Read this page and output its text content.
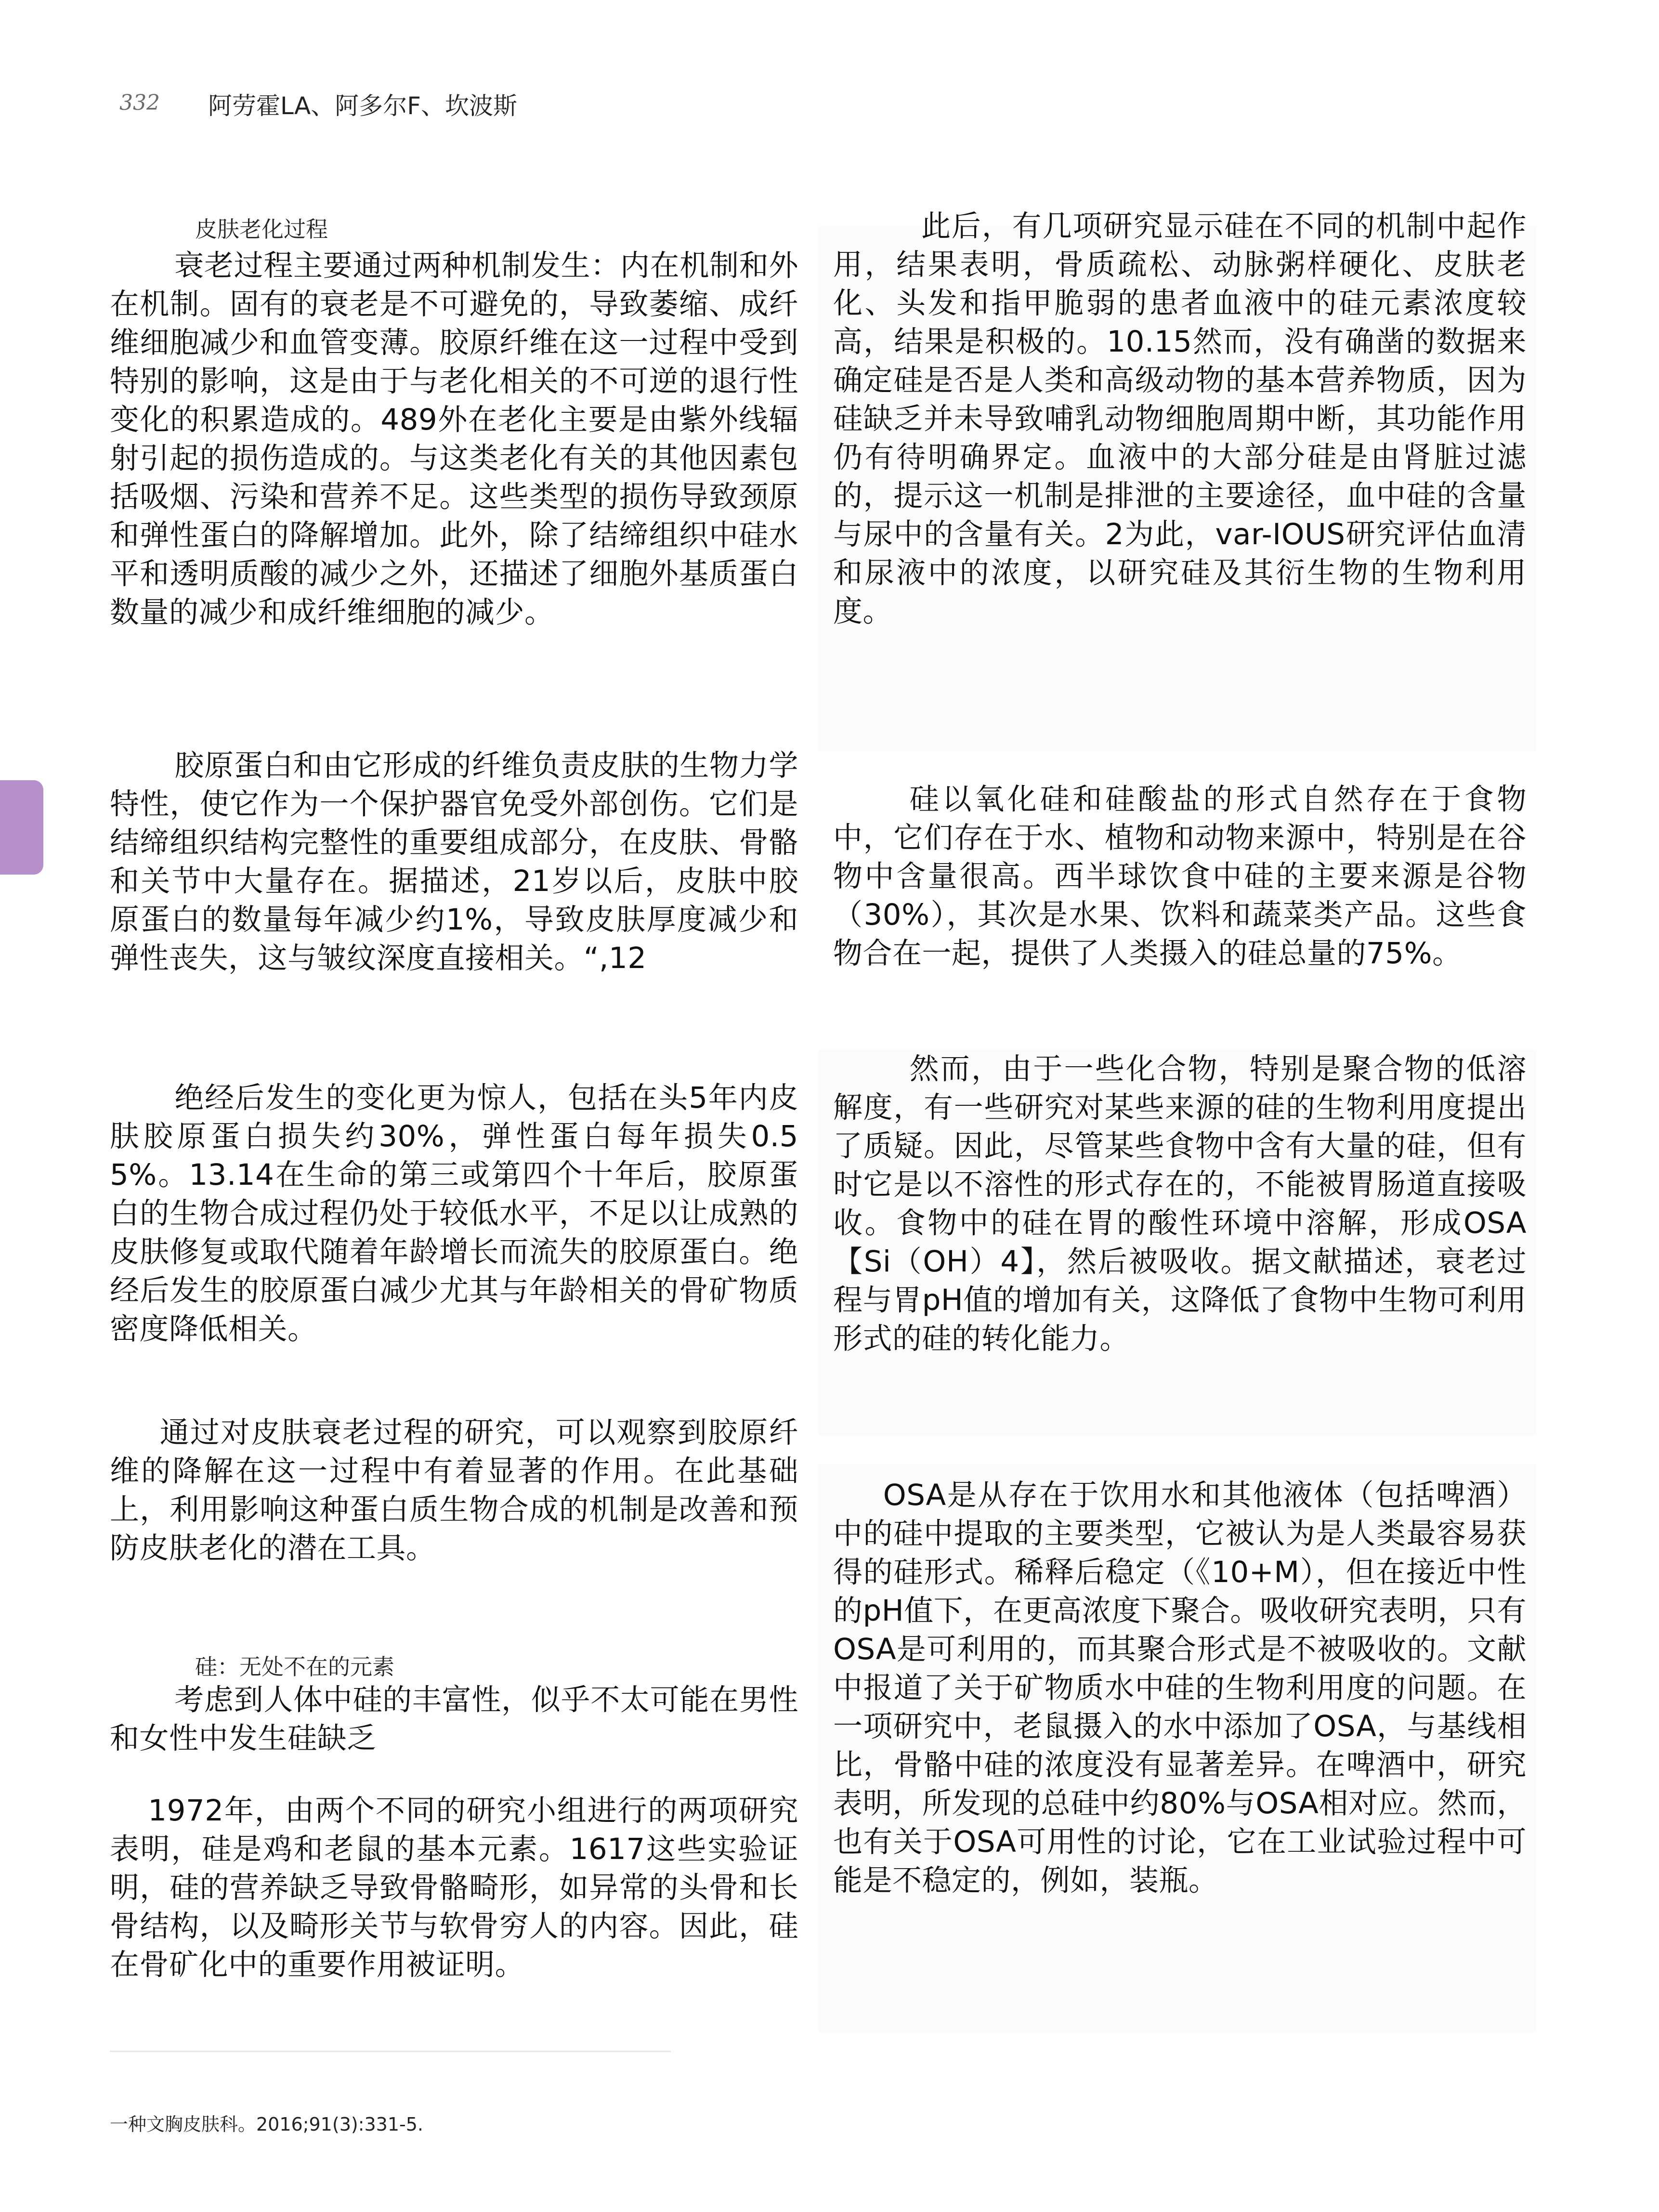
332 阿劳霍LA、阿多尔F、坎波斯
皮肤老化过程
衰老过程主要通过两种机制发生：内在机制和外在机制。固有的衰老是不可避免的，导致萎缩、成纤维细胞减少和血管变薄。胶原纤维在这一过程中受到特别的影响，这是由于与老化相关的不可逆的退行性变化的积累造成的。489外在老化主要是由紫外线辐射引起的损伤造成的。与这类老化有关的其他因素包括吸烟、污染和营养不足。这些类型的损伤导致颈原和弹性蛋白的降解增加。此外，除了结缔组织中硅水平和透明质酸的减少之外，还描述了细胞外基质蛋白数量的减少和成纤维细胞的减少。
胶原蛋白和由它形成的纤维负责皮肤的生物力学特性，使它作为一个保护器官免受外部创伤。它们是结缔组织结构完整性的重要组成部分，在皮肤、骨骼和关节中大量存在。据描述，21岁以后，皮肤中胶原蛋白的数量每年减少约1%，导致皮肤厚度减少和弹性丧失，这与皱纹深度直接相关。“,12
绝经后发生的变化更为惊人，包括在头5年内皮肤胶原蛋白损失约30%，弹性蛋白每年损失0.55%。13.14在生命的第三或第四个十年后，胶原蛋白的生物合成过程仍处于较低水平，不足以让成熟的皮肤修复或取代随着年龄增长而流失的胶原蛋白。绝经后发生的胶原蛋白减少尤其与年龄相关的骨矿物质密度降低相关。
通过对皮肤衰老过程的研究，可以观察到胶原纤维的降解在这一过程中有着显著的作用。在此基础上，利用影响这种蛋白质生物合成的机制是改善和预防皮肤老化的潜在工具。
硅：无处不在的元素
考虑到人体中硅的丰富性，似乎不太可能在男性和女性中发生硅缺乏
1972年，由两个不同的研究小组进行的两项研究表明，硅是鸡和老鼠的基本元素。1617这些实验证明，硅的营养缺乏导致骨骼畸形，如异常的头骨和长骨结构，以及畸形关节与软骨穷人的内容。因此，硅在骨矿化中的重要作用被证明。
此后，有几项研究显示硅在不同的机制中起作用，结果表明，骨质疏松、动脉粥样硬化、皮肤老化、头发和指甲脆弱的患者血液中的硅元素浓度较高，结果是积极的。10.15然而，没有确凿的数据来确定硅是否是人类和高级动物的基本营养物质，因为硅缺乏并未导致哺乳动物细胞周期中断，其功能作用仍有待明确界定。血液中的大部分硅是由肾脏过滤的，提示这一机制是排泄的主要途径，血中硅的含量与尿中的含量有关。2为此，var-IOUS研究评估血清和尿液中的浓度，以研究硅及其衍生物的生物利用度。
硅以氧化硅和硅酸盐的形式自然存在于食物中，它们存在于水、植物和动物来源中，特别是在谷物中含量很高。西半球饮食中硅的主要来源是谷物（30%），其次是水果、饮料和蔬菜类产品。这些食物合在一起，提供了人类摄入的硅总量的75%。
然而，由于一些化合物，特别是聚合物的低溶解度，有一些研究对某些来源的硅的生物利用度提出了质疑。因此，尽管某些食物中含有大量的硅，但有时它是以不溶性的形式存在的，不能被胃肠道直接吸收。食物中的硅在胃的酸性环境中溶解，形成OSA【Si（OH）4】，然后被吸收。据文献描述，衰老过程与胃pH值的增加有关，这降低了食物中生物可利用形式的硅的转化能力。
OSA是从存在于饮用水和其他液体（包括啤酒）中的硅中提取的主要类型，它被认为是人类最容易获得的硅形式。稀释后稳定（《10+M），但在接近中性的pH值下，在更高浓度下聚合。吸收研究表明，只有OSA是可利用的，而其聚合形式是不被吸收的。文献中报道了关于矿物质水中硅的生物利用度的问题。在一项研究中，老鼠摄入的水中添加了OSA，与基线相比，骨骼中硅的浓度没有显著差异。在啤酒中，研究表明，所发现的总硅中约80%与OSA相对应。然而，也有关于OSA可用性的讨论，它在工业试验过程中可能是不稳定的，例如，装瓶。
一种文胸皮肤科。2016;91(3):331-5.
